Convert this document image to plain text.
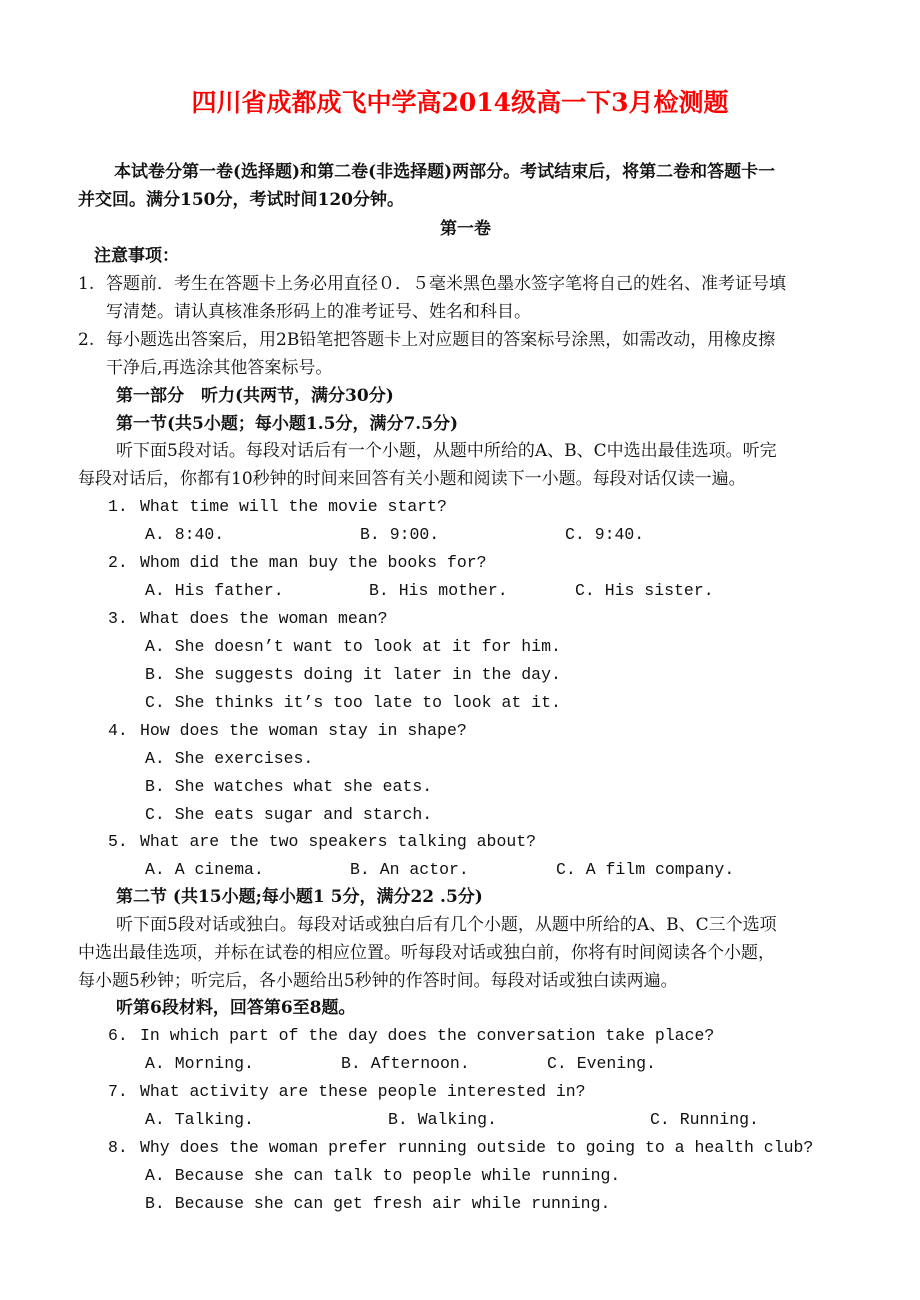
四川省成都成飞中学高2014级高一下3月检测题
本试卷分第一卷(选择题)和第二卷(非选择题)两部分。考试结束后，将第二卷和答题卡一
并交回。满分150分，考试时间120分钟。
第一卷
注意事项：
1. 答题前．考生在答题卡上务必用直径０．５毫米黑色墨水签字笔将自己的姓名、准考证号填
写清楚。请认真核准条形码上的准考证号、姓名和科目。
2. 每小题选出答案后，用2B铅笔把答题卡上对应题目的答案标号涂黑，如需改动，用橡皮擦
干净后,再选涂其他答案标号。
第一部分　听力(共两节，满分30分)
第一节(共5小题；每小题1.5分，满分7.5分)
听下面5段对话。每段对话后有一个小题，从题中所给的A、B、C中选出最佳选项。听完
每段对话后，你都有10秒钟的时间来回答有关小题和阅读下一小题。每段对话仅读一遍。
1. What time will the movie start?
A. 8:40.	B. 9:00.	C. 9:40.
2. Whom did the man buy the books for?
A. His father.	B. His mother.	C. His sister.
3. What does the woman mean?
A. She doesn’t want to look at it for him.
B. She suggests doing it later in the day.
C. She thinks it’s too late to look at it.
4. How does the woman stay in shape?
A. She exercises.
B. She watches what she eats.
C. She eats sugar and starch.
5. What are the two speakers talking about?
A. A cinema.	B. An actor.	C. A film company.
6. In which part of the day does the conversation take place?
A. Morning.	B. Afternoon.	C. Evening.
7. What activity are these people interested in?
A. Talking.	B. Walking.	C. Running.
8. Why does the woman prefer running outside to going to a health club?
A. Because she can talk to people while running.
B. Because she can get fresh air while running.
第二节 (共15小题;每小题1 5分，满分22 .5分)
听下面5段对话或独白。每段对话或独白后有几个小题，从题中所给的A、B、C三个选项
中选出最佳选项，并标在试卷的相应位置。听每段对话或独白前，你将有时间阅读各个小题，
每小题5秒钟；听完后，各小题给出5秒钟的作答时间。每段对话或独白读两遍。
听第6段材料，回答第6至8题。
